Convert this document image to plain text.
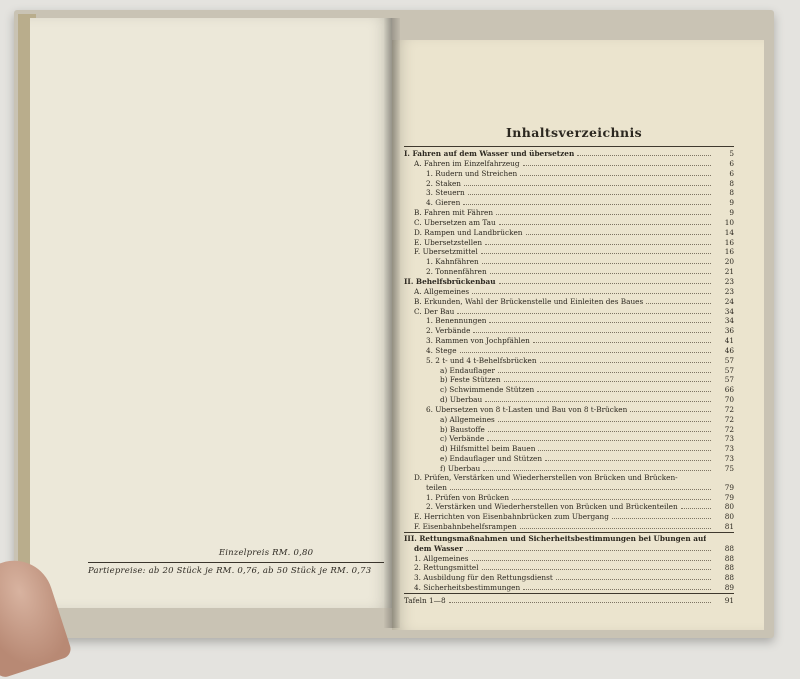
Einzelpreis RM. 0,80
Partiepreise: ab 20 Stück je RM. 0,76, ab 50 Stück je RM. 0,73
Inhaltsverzeichnis
I. Fahren auf dem Wasser und übersetzen	5
A. Fahren im Einzelfahrzeug	6
1. Rudern und Streichen	6
2. Staken	8
3. Steuern	8
4. Gieren	9
B. Fahren mit Fähren	9
C. Übersetzen am Tau	10
D. Rampen und Landbrücken	14
E. Übersetzstellen	16
F. Übersetzmittel	16
1. Kahnfähren	20
2. Tonnenfähren	21
II. Behelfsbrückenbau	23
A. Allgemeines	23
B. Erkunden, Wahl der Brückenstelle und Einleiten des Baues	24
C. Der Bau	34
1. Benennungen	34
2. Verbände	36
3. Rammen von Jochpfählen	41
4. Stege	46
5. 2 t- und 4 t-Behelfsbrücken	57
a) Endauflager	57
b) Feste Stützen	57
c) Schwimmende Stützen	66
d) Überbau	70
6. Übersetzen von 8 t-Lasten und Bau von 8 t-Brücken	72
a) Allgemeines	72
b) Baustoffe	72
c) Verbände	73
d) Hilfsmittel beim Bauen	73
e) Endauflager und Stützen	73
f) Überbau	75
D. Prüfen, Verstärken und Wiederherstellen von Brücken und Brücken-
teilen	79
1. Prüfen von Brücken	79
2. Verstärken und Wiederherstellen von Brücken und Brückenteilen	80
E. Herrichten von Eisenbahnbrücken zum Übergang	80
F. Eisenbahnbehelfsrampen	81
III. Rettungsmaßnahmen und Sicherheitsbestimmungen bei Übungen auf
dem Wasser	88
1. Allgemeines	88
2. Rettungsmittel	88
3. Ausbildung für den Rettungsdienst	88
4. Sicherheitsbestimmungen	89
Tafeln 1—8	91
